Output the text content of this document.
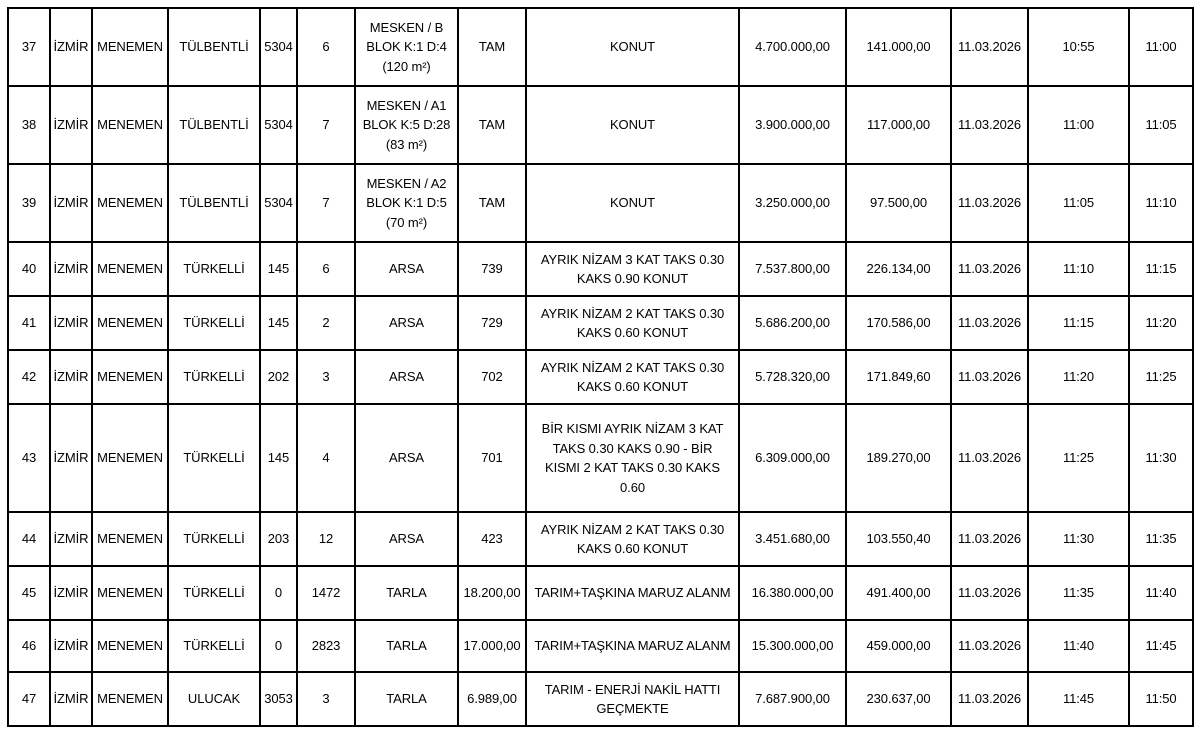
37	İZMİR	MENEMEN	TÜLBENTLİ	5304	6	MESKEN / B BLOK K:1 D:4 (120 m²)	TAM	KONUT	4.700.000,00	141.000,00	11.03.2026	10:55	11:00
38	İZMİR	MENEMEN	TÜLBENTLİ	5304	7	MESKEN / A1 BLOK K:5 D:28 (83 m²)	TAM	KONUT	3.900.000,00	117.000,00	11.03.2026	11:00	11:05
39	İZMİR	MENEMEN	TÜLBENTLİ	5304	7	MESKEN / A2 BLOK K:1 D:5 (70 m²)	TAM	KONUT	3.250.000,00	97.500,00	11.03.2026	11:05	11:10
40	İZMİR	MENEMEN	TÜRKELLİ	145	6	ARSA	739	AYRIK NİZAM 3 KAT TAKS 0.30 KAKS 0.90 KONUT	7.537.800,00	226.134,00	11.03.2026	11:10	11:15
41	İZMİR	MENEMEN	TÜRKELLİ	145	2	ARSA	729	AYRIK NİZAM 2 KAT TAKS 0.30 KAKS 0.60 KONUT	5.686.200,00	170.586,00	11.03.2026	11:15	11:20
42	İZMİR	MENEMEN	TÜRKELLİ	202	3	ARSA	702	AYRIK NİZAM 2 KAT TAKS 0.30 KAKS 0.60 KONUT	5.728.320,00	171.849,60	11.03.2026	11:20	11:25
43	İZMİR	MENEMEN	TÜRKELLİ	145	4	ARSA	701	BİR KISMI AYRIK NİZAM 3 KAT TAKS 0.30 KAKS 0.90 - BİR KISMI 2 KAT TAKS 0.30 KAKS 0.60	6.309.000,00	189.270,00	11.03.2026	11:25	11:30
44	İZMİR	MENEMEN	TÜRKELLİ	203	12	ARSA	423	AYRIK NİZAM 2 KAT TAKS 0.30 KAKS 0.60 KONUT	3.451.680,00	103.550,40	11.03.2026	11:30	11:35
45	İZMİR	MENEMEN	TÜRKELLİ	0	1472	TARLA	18.200,00	TARIM+TAŞKINA MARUZ ALANM	16.380.000,00	491.400,00	11.03.2026	11:35	11:40
46	İZMİR	MENEMEN	TÜRKELLİ	0	2823	TARLA	17.000,00	TARIM+TAŞKINA MARUZ ALANM	15.300.000,00	459.000,00	11.03.2026	11:40	11:45
47	İZMİR	MENEMEN	ULUCAK	3053	3	TARLA	6.989,00	TARIM - ENERJİ NAKİL HATTI GEÇMEKTE	7.687.900,00	230.637,00	11.03.2026	11:45	11:50
